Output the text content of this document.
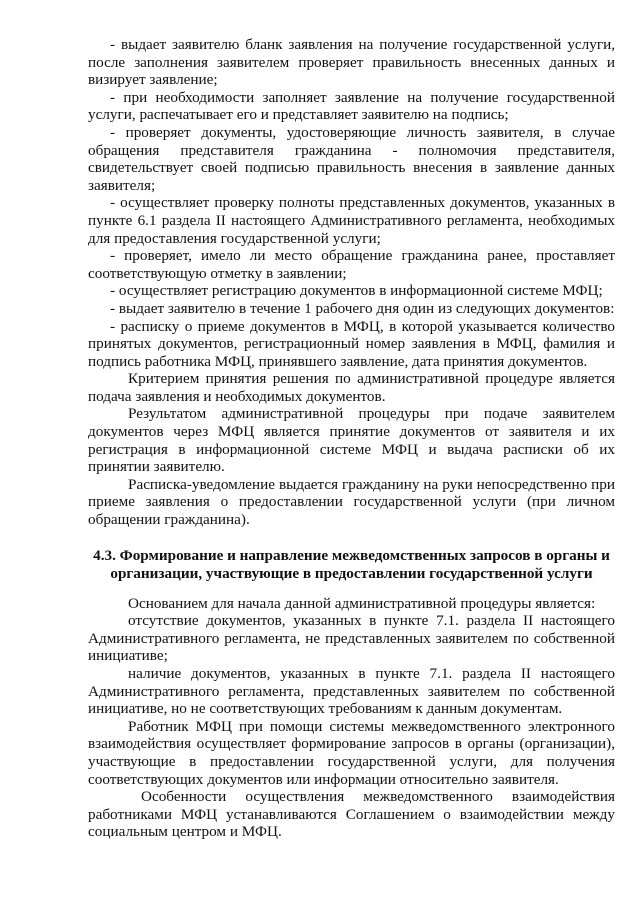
- выдает заявителю бланк заявления на получение государственной услуги, после заполнения заявителем проверяет правильность внесенных данных и визирует заявление;

- при необходимости заполняет заявление на получение государственной услуги, распечатывает его и представляет заявителю на подпись;

- проверяет документы, удостоверяющие личность заявителя, в случае обращения представителя гражданина - полномочия представителя, свидетельствует своей подписью правильность внесения в заявление данных заявителя;

- осуществляет проверку полноты представленных документов, указанных в пункте 6.1 раздела II настоящего Административного регламента, необходимых для предоставления государственной услуги;

- проверяет, имело ли место обращение гражданина ранее, проставляет соответствующую отметку в заявлении;

- осуществляет регистрацию документов в информационной системе МФЦ;

- выдает заявителю в течение 1 рабочего дня один из следующих документов:

- расписку о приеме документов в МФЦ, в которой указывается количество принятых документов, регистрационный номер заявления в МФЦ, фамилия и подпись работника МФЦ, принявшего заявление, дата принятия документов.

Критерием принятия решения по административной процедуре является подача заявления и необходимых документов.

Результатом административной процедуры при подаче заявителем документов через МФЦ является принятие документов от заявителя и их регистрация в информационной системе МФЦ и выдача расписки об их принятии заявителю.

Расписка-уведомление выдается гражданину на руки непосредственно при приеме заявления о предоставлении государственной услуги (при личном обращении гражданина).

4.3. Формирование и направление межведомственных запросов в органы и
организации, участвующие в предоставлении государственной услуги

Основанием для начала данной административной процедуры является:

отсутствие документов, указанных в пункте 7.1. раздела II настоящего Административного регламента, не представленных заявителем по собственной инициативе;

наличие документов, указанных в пункте 7.1. раздела II настоящего Административного регламента, представленных заявителем по собственной инициативе, но не соответствующих требованиям к данным документам.

Работник МФЦ при помощи системы межведомственного электронного взаимодействия осуществляет формирование запросов в органы (организации), участвующие в предоставлении государственной услуги, для получения соответствующих документов или информации относительно заявителя.

Особенности осуществления межведомственного взаимодействия работниками МФЦ устанавливаются Соглашением о взаимодействии между социальным центром и МФЦ.
